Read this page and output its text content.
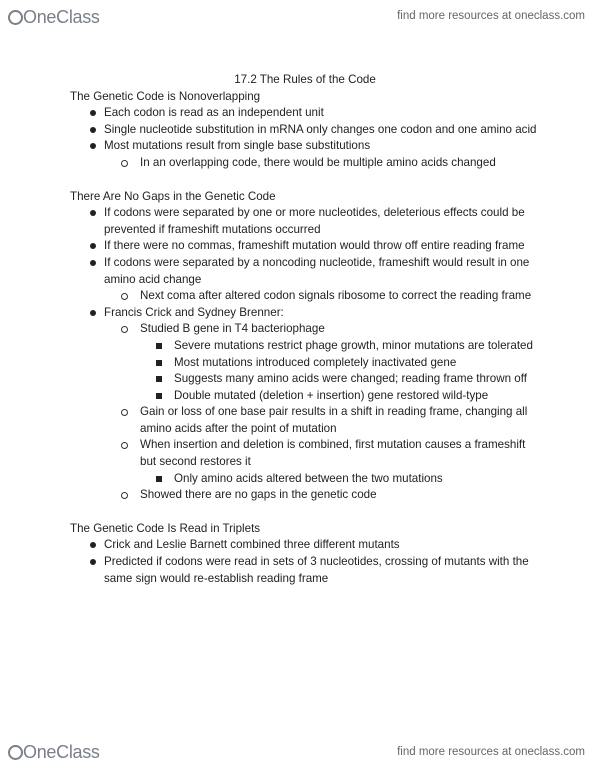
OneClass	find more resources at oneclass.com

17.2 The Rules of the Code

The Genetic Code is Nonoverlapping

Each codon is read as an independent unit
Single nucleotide substitution in mRNA only changes one codon and one amino acid
Most mutations result from single base substitutions
In an overlapping code, there would be multiple amino acids changed

There Are No Gaps in the Genetic Code

If codons were separated by one or more nucleotides, deleterious effects could be prevented if frameshift mutations occurred
If there were no commas, frameshift mutation would throw off entire reading frame
If codons were separated by a noncoding nucleotide, frameshift would result in one amino acid change
Next coma after altered codon signals ribosome to correct the reading frame
Francis Crick and Sydney Brenner:
Studied B gene in T4 bacteriophage
Severe mutations restrict phage growth, minor mutations are tolerated
Most mutations introduced completely inactivated gene
Suggests many amino acids were changed; reading frame thrown off
Double mutated (deletion + insertion) gene restored wild-type
Gain or loss of one base pair results in a shift in reading frame, changing all amino acids after the point of mutation
When insertion and deletion is combined, first mutation causes a frameshift but second restores it
Only amino acids altered between the two mutations
Showed there are no gaps in the genetic code

The Genetic Code Is Read in Triplets

Crick and Leslie Barnett combined three different mutants
Predicted if codons were read in sets of 3 nucleotides, crossing of mutants with the same sign would re-establish reading frame
OneClass	find more resources at oneclass.com
